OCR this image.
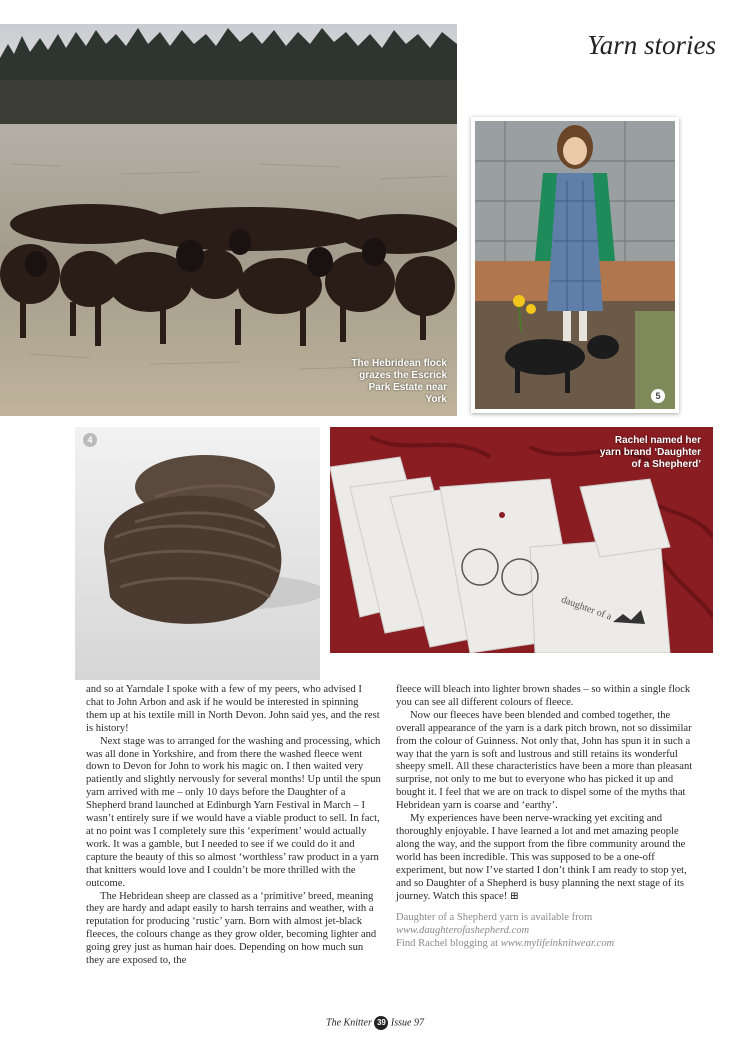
Yarn stories
The Hebridean flock grazes the Escrick Park Estate near York	5
4
daughter of a
Rachel named her yarn brand ‘Daughter of a Shepherd’

and so at Yarndale I spoke with a few of my peers, who advised I chat to John Arbon and ask if he would be interested in spinning them up at his textile mill in North Devon. John said yes, and the rest is history!

Next stage was to arranged for the washing and processing, which was all done in Yorkshire, and from there the washed fleece went down to Devon for John to work his magic on. I then waited very patiently and slightly nervously for several months! Up until the spun yarn arrived with me – only 10 days before the Daughter of a Shepherd brand launched at Edinburgh Yarn Festival in March – I wasn’t entirely sure if we would have a viable product to sell. In fact, at no point was I completely sure this ‘experiment’ would actually work. It was a gamble, but I needed to see if we could do it and capture the beauty of this so almost ‘worthless’ raw product in a yarn that knitters would love and I couldn’t be more thrilled with the outcome.

The Hebridean sheep are classed as a ‘primitive’ breed, meaning they are hardy and adapt easily to harsh terrains and weather, with a reputation for producing ‘rustic’ yarn. Born with almost jet-black fleeces, the colours change as they grow older, becoming lighter and going grey just as human hair does. Depending on how much sun they are exposed to, the

fleece will bleach into lighter brown shades – so within a single flock you can see all different colours of fleece.

Now our fleeces have been blended and combed together, the overall appearance of the yarn is a dark pitch brown, not so dissimilar from the colour of Guinness. Not only that, John has spun it in such a way that the yarn is soft and lustrous and still retains its wonderful sheepy smell. All these characteristics have been a more than pleasant surprise, not only to me but to everyone who has picked it up and bought it. I feel that we are on track to dispel some of the myths that Hebridean yarn is coarse and ‘earthy’.

My experiences have been nerve-wracking yet exciting and thoroughly enjoyable. I have learned a lot and met amazing people along the way, and the support from the fibre community around the world has been incredible. This was supposed to be a one-off experiment, but now I’ve started I don’t think I am ready to stop yet, and so Daughter of a Shepherd is busy planning the next stage of its journey. Watch this space! ⊞

Daughter of a Shepherd yarn is available from
www.daughterofashepherd.com
Find Rachel blogging at www.mylifeinknitwear.com
The Knitter 39 Issue 97
